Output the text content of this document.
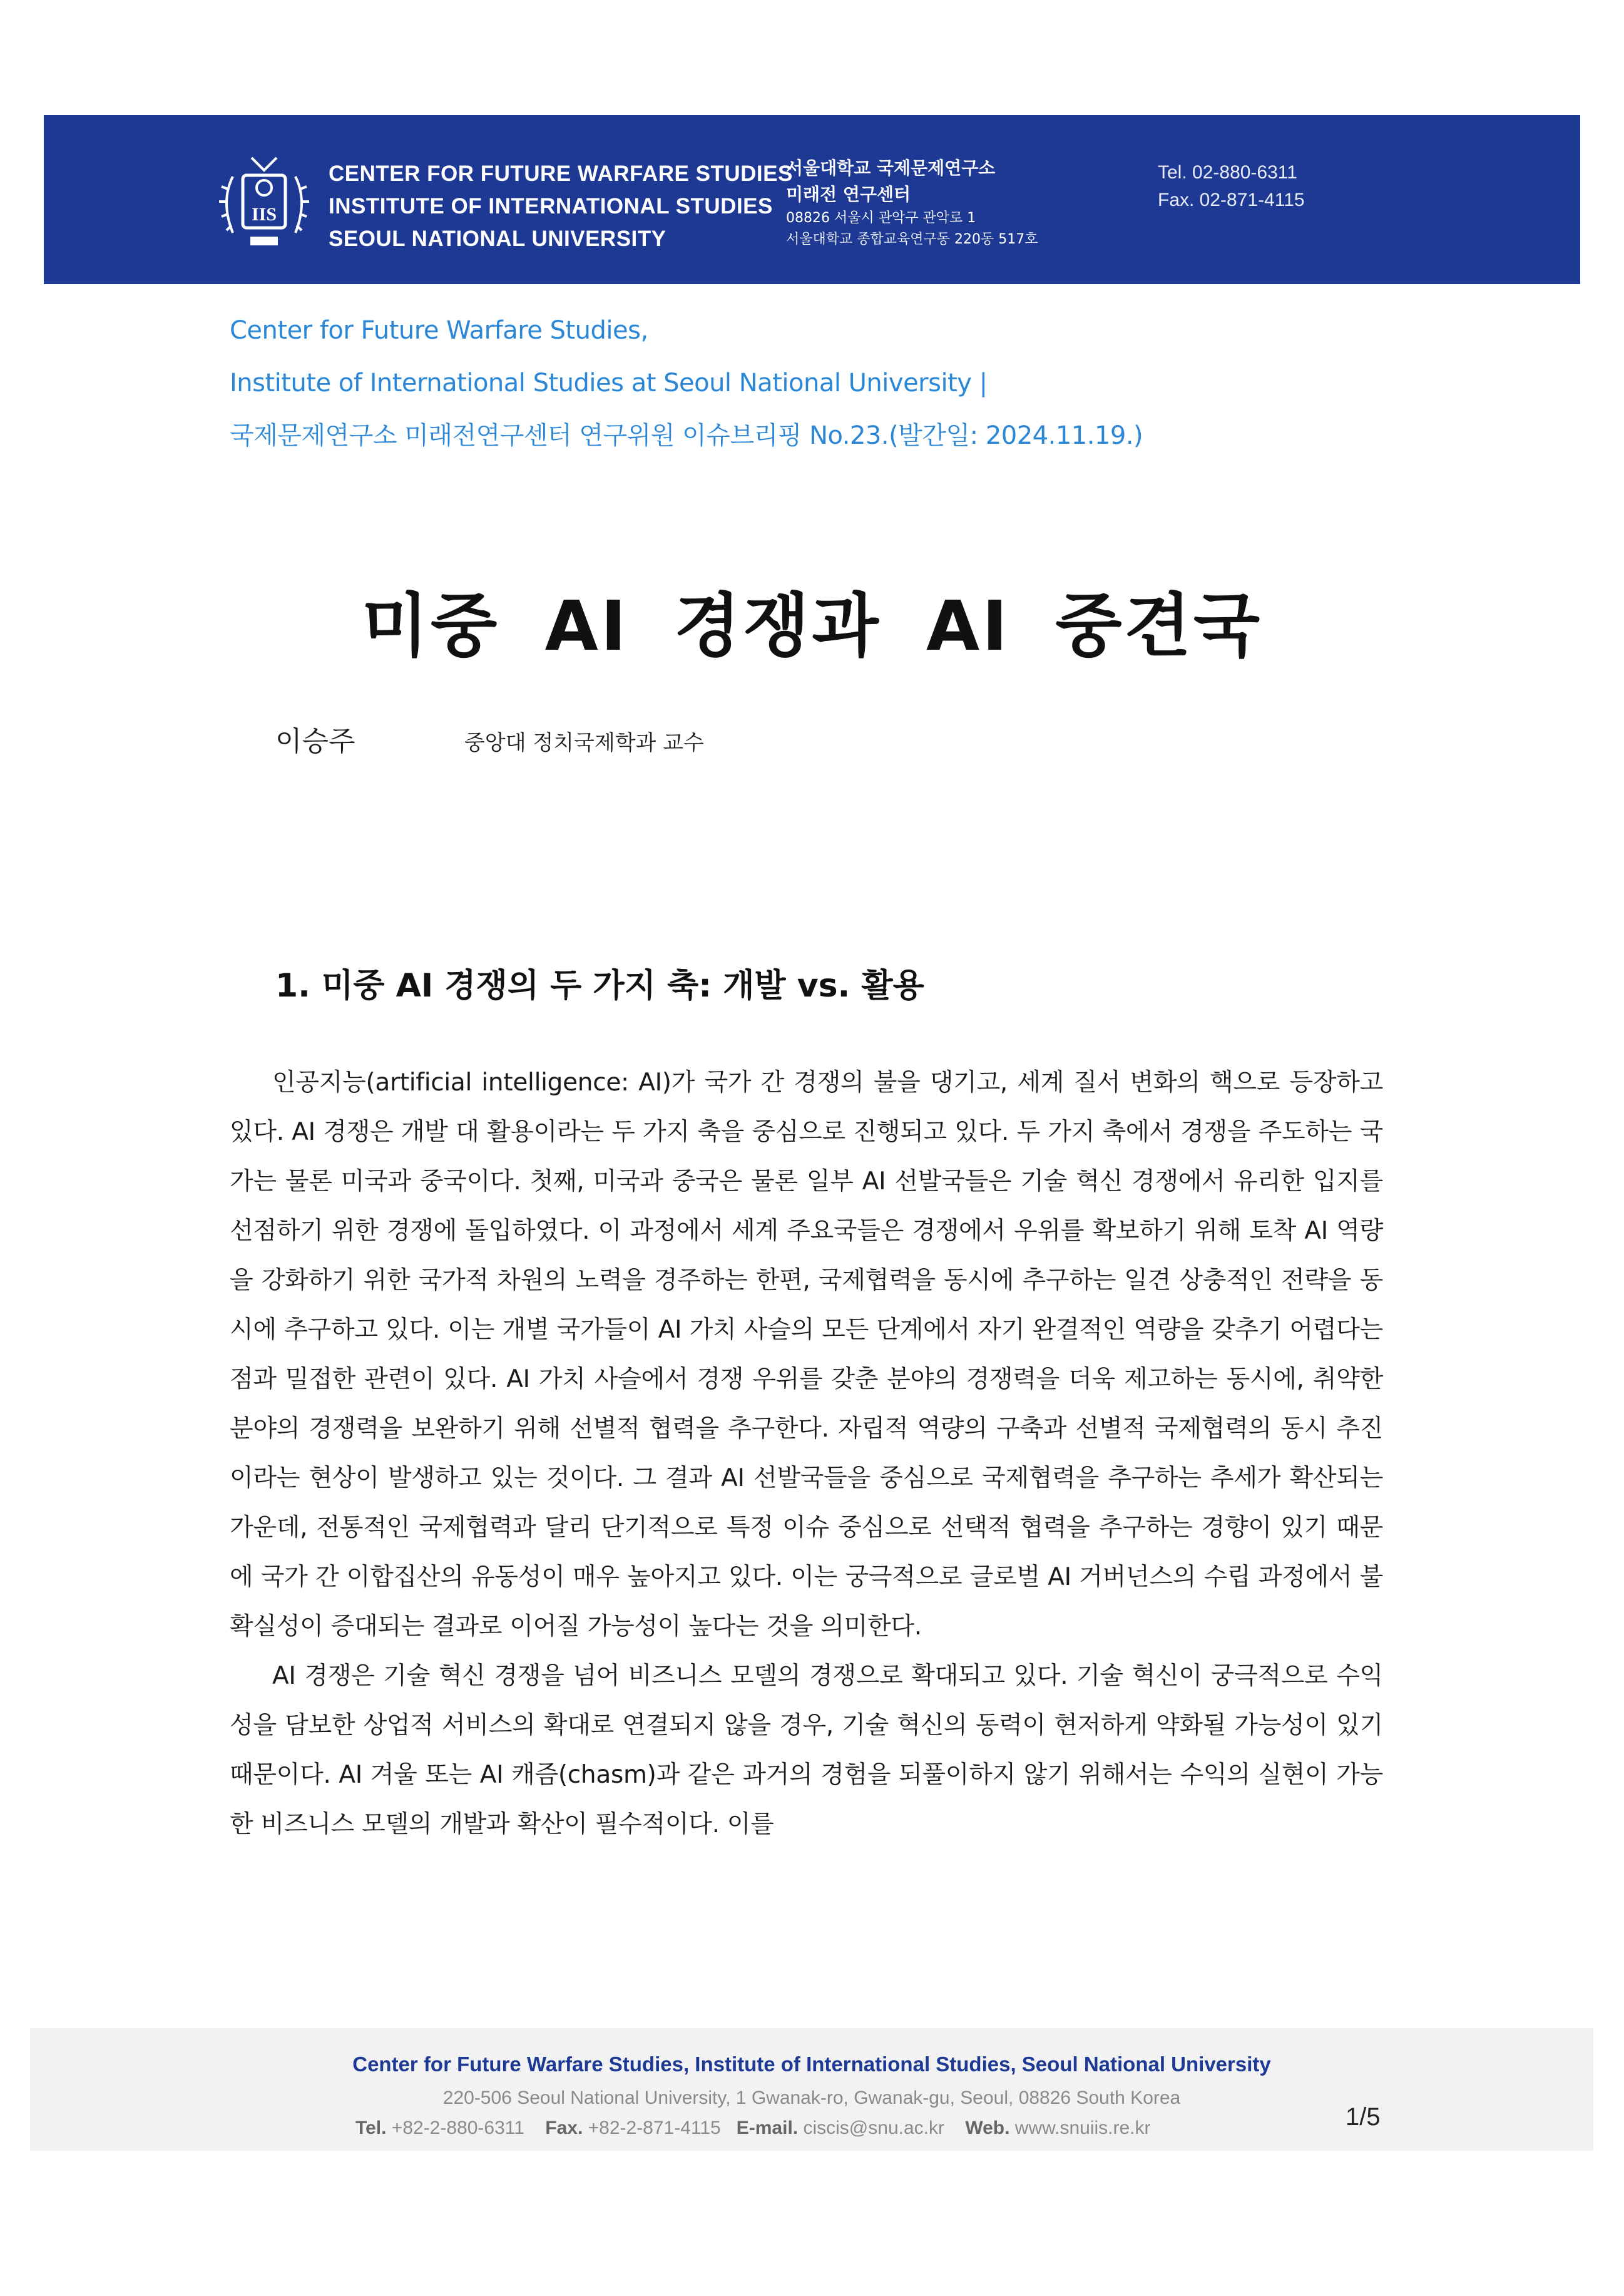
IIS
CENTER FOR FUTURE WARFARE STUDIES
INSTITUTE OF INTERNATIONAL STUDIES
SEOUL NATIONAL UNIVERSITY
서울대학교 국제문제연구소
미래전 연구센터
08826 서울시 관악구 관악로 1
서울대학교 종합교육연구동 220동 517호
Tel. 02-880-6311
Fax. 02-871-4115
Center for Future Warfare Studies,
Institute of International Studies at Seoul National University |
국제문제연구소 미래전연구센터 연구위원 이슈브리핑 No.23.(발간일: 2024.11.19.)
미중 AI 경쟁과 AI 중견국
이승주	중앙대 정치국제학과 교수
1. 미중 AI 경쟁의 두 가지 축: 개발 vs. 활용

인공지능(artificial intelligence: AI)가 국가 간 경쟁의 불을 댕기고, 세계 질서 변화의 핵으로 등장하고 있다. AI 경쟁은 개발 대 활용이라는 두 가지 축을 중심으로 진행되고 있다. 두 가지 축에서 경쟁을 주도하는 국가는 물론 미국과 중국이다. 첫째, 미국과 중국은 물론 일부 AI 선발국들은 기술 혁신 경쟁에서 유리한 입지를 선점하기 위한 경쟁에 돌입하였다. 이 과정에서 세계 주요국들은 경쟁에서 우위를 확보하기 위해 토착 AI 역량을 강화하기 위한 국가적 차원의 노력을 경주하는 한편, 국제협력을 동시에 추구하는 일견 상충적인 전략을 동시에 추구하고 있다. 이는 개별 국가들이 AI 가치 사슬의 모든 단계에서 자기 완결적인 역량을 갖추기 어렵다는 점과 밀접한 관련이 있다. AI 가치 사슬에서 경쟁 우위를 갖춘 분야의 경쟁력을 더욱 제고하는 동시에, 취약한 분야의 경쟁력을 보완하기 위해 선별적 협력을 추구한다. 자립적 역량의 구축과 선별적 국제협력의 동시 추진이라는 현상이 발생하고 있는 것이다. 그 결과 AI 선발국들을 중심으로 국제협력을 추구하는 추세가 확산되는 가운데, 전통적인 국제협력과 달리 단기적으로 특정 이슈 중심으로 선택적 협력을 추구하는 경향이 있기 때문에 국가 간 이합집산의 유동성이 매우 높아지고 있다. 이는 궁극적으로 글로벌 AI 거버넌스의 수립 과정에서 불확실성이 증대되는 결과로 이어질 가능성이 높다는 것을 의미한다.

AI 경쟁은 기술 혁신 경쟁을 넘어 비즈니스 모델의 경쟁으로 확대되고 있다. 기술 혁신이 궁극적으로 수익성을 담보한 상업적 서비스의 확대로 연결되지 않을 경우, 기술 혁신의 동력이 현저하게 약화될 가능성이 있기 때문이다. AI 겨울 또는 AI 캐즘(chasm)과 같은 과거의 경험을 되풀이하지 않기 위해서는 수익의 실현이 가능한 비즈니스 모델의 개발과 확산이 필수적이다. 이를

Center for Future Warfare Studies, Institute of International Studies, Seoul National University
220-506 Seoul National University, 1 Gwanak-ro, Gwanak-gu, Seoul, 08826 South Korea
Tel. +82-2-880-6311 Fax. +82-2-871-4115 E-mail. ciscis@snu.ac.kr Web. www.snuiis.re.kr	1/5
